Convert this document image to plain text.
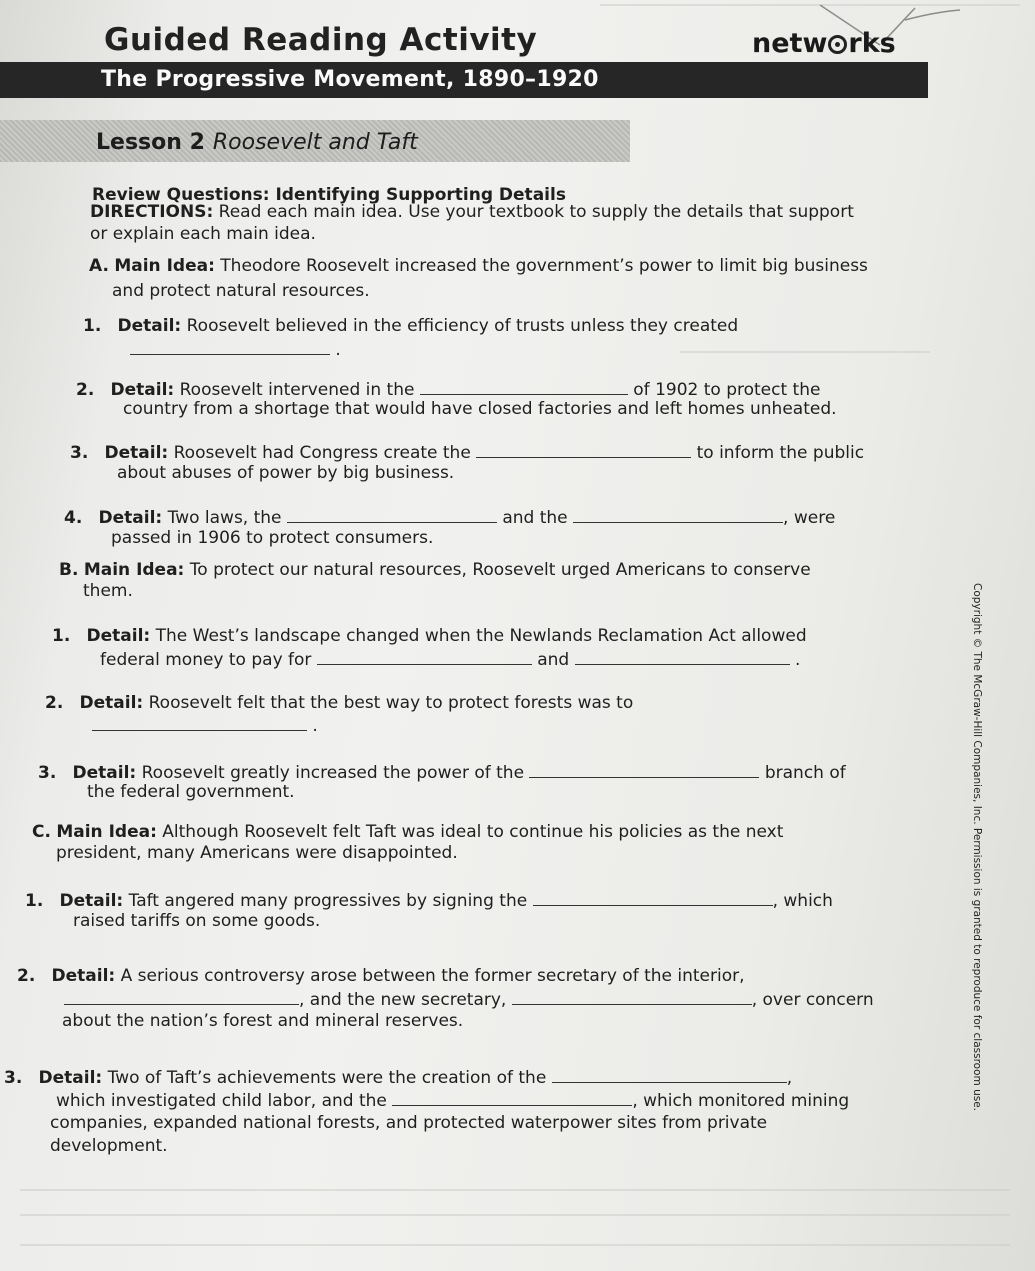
Guided Reading Activity	netw rks
The Progressive Movement, 1890–1920
Lesson 2 Roosevelt and Taft
Review Questions: Identifying Supporting Details
DIRECTIONS: Read each main idea. Use your textbook to supply the details that support
or explain each main idea.
A. Main Idea: Theodore Roosevelt increased the government’s power to limit big business
and protect natural resources.
1. Detail: Roosevelt believed in the efficiency of trusts unless they created
.
2. Detail: Roosevelt intervened in the	of 1902 to protect the
country from a shortage that would have closed factories and left homes unheated.
3. Detail: Roosevelt had Congress create the	to inform the public
about abuses of power by big business.
4. Detail: Two laws, the	and the	, were
passed in 1906 to protect consumers.
B. Main Idea: To protect our natural resources, Roosevelt urged Americans to conserve
them.
1. Detail: The West’s landscape changed when the Newlands Reclamation Act allowed
federal money to pay for	and	.
2. Detail: Roosevelt felt that the best way to protect forests was to
.
3. Detail: Roosevelt greatly increased the power of the	branch of
the federal government.
C. Main Idea: Although Roosevelt felt Taft was ideal to continue his policies as the next
president, many Americans were disappointed.
1. Detail: Taft angered many progressives by signing the	, which
raised tariffs on some goods.
2. Detail: A serious controversy arose between the former secretary of the interior,
, and the new secretary,	, over concern
about the nation’s forest and mineral reserves.
3. Detail: Two of Taft’s achievements were the creation of the	,
which investigated child labor, and the	, which monitored mining
companies, expanded national forests, and protected waterpower sites from private
development.
Copyright © The McGraw-Hill Companies, Inc. Permission is granted to reproduce for classroom use.
